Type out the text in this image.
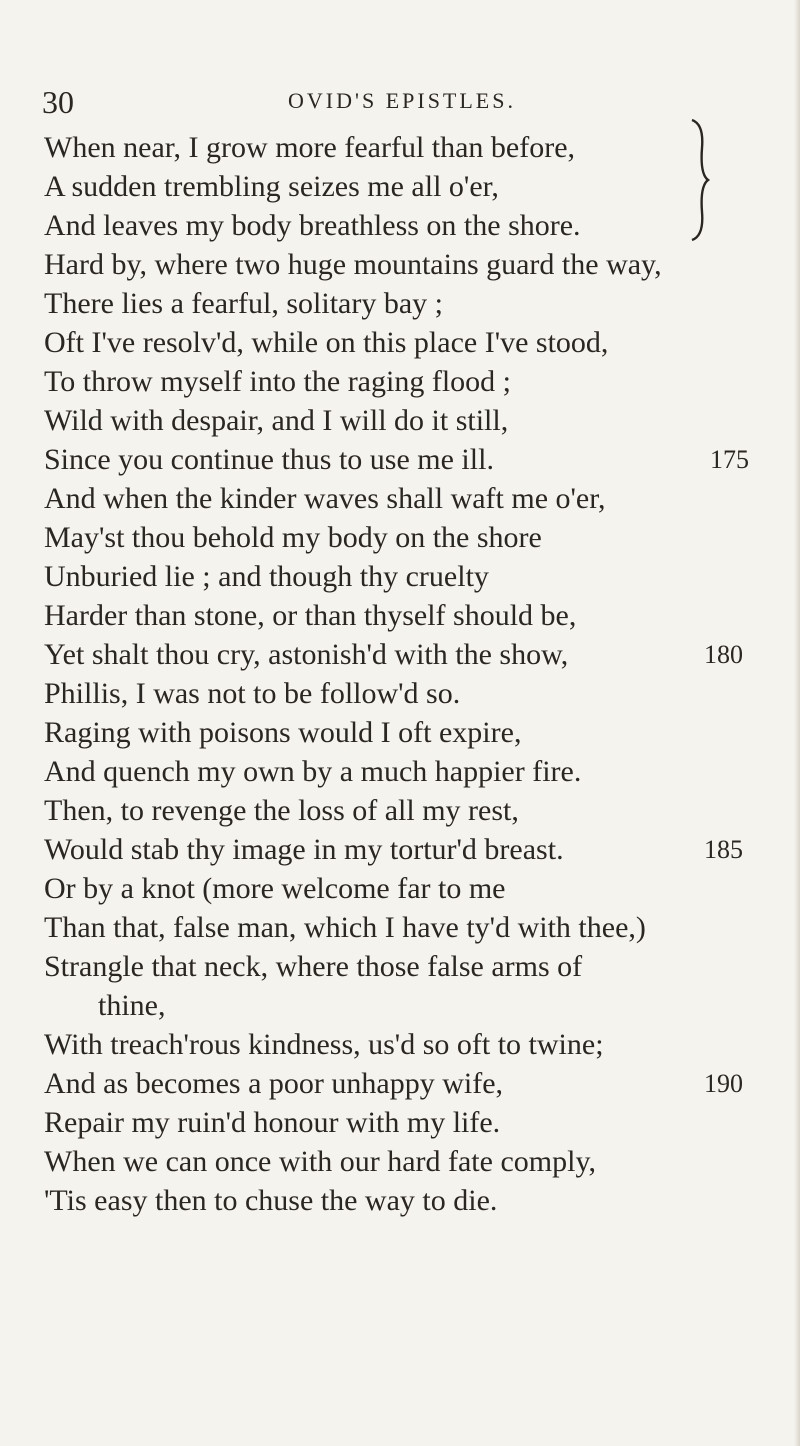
30	OVID'S EPISTLES.
When near, I grow more fearful than before,
A sudden trembling seizes me all o'er,
And leaves my body breathless on the shore.
Hard by, where two huge mountains guard the way,
There lies a fearful, solitary bay ;
Oft I've resolv'd, while on this place I've stood,
To throw myself into the raging flood ;
Wild with despair, and I will do it still,
Since you continue thus to use me ill.	175
And when the kinder waves shall waft me o'er,
May'st thou behold my body on the shore
Unburied lie ; and though thy cruelty
Harder than stone, or than thyself should be,
Yet shalt thou cry, astonish'd with the show,	180
Phillis, I was not to be follow'd so.
Raging with poisons would I oft expire,
And quench my own by a much happier fire.
Then, to revenge the loss of all my rest,
Would stab thy image in my tortur'd breast.	185
Or by a knot (more welcome far to me
Than that, false man, which I have ty'd with thee,)
Strangle that neck, where those false arms of
thine,
With treach'rous kindness, us'd so oft to twine;
And as becomes a poor unhappy wife,	190
Repair my ruin'd honour with my life.
When we can once with our hard fate comply,
'Tis easy then to chuse the way to die.
